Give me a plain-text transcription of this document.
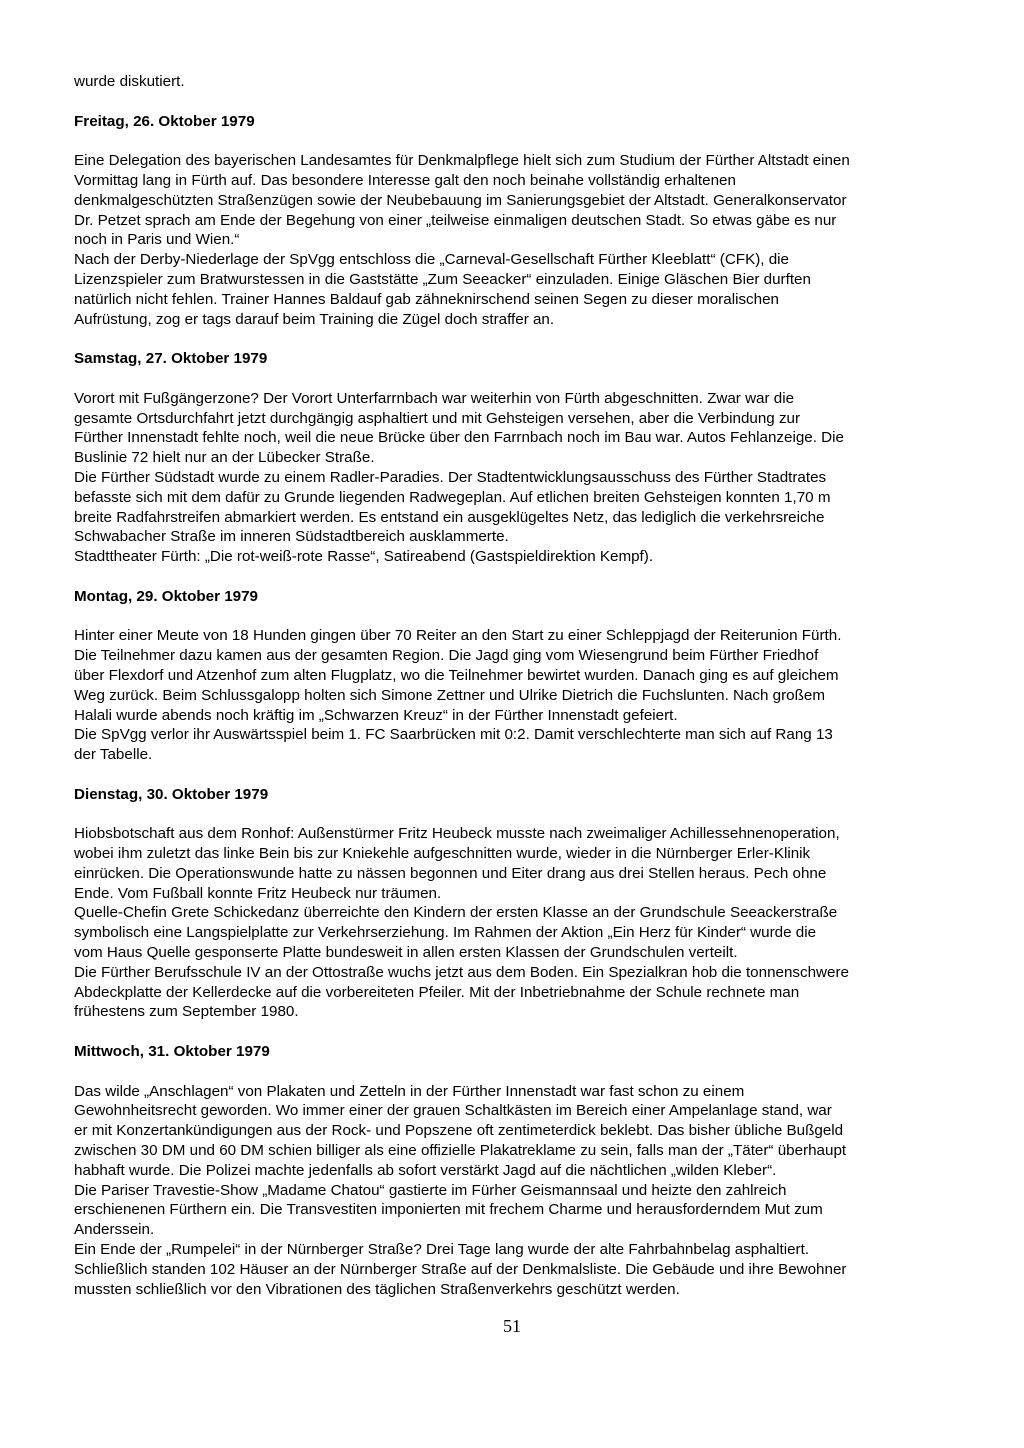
wurde diskutiert.

Freitag, 26. Oktober 1979

Eine Delegation des bayerischen Landesamtes für Denkmalpflege hielt sich zum Studium der Fürther Altstadt einen

Vormittag lang in Fürth auf. Das besondere Interesse galt den noch beinahe vollständig erhaltenen

denkmalgeschützten Straßenzügen sowie der Neubebauung im Sanierungsgebiet der Altstadt. Generalkonservator

Dr. Petzet sprach am Ende der Begehung von einer „teilweise einmaligen deutschen Stadt. So etwas gäbe es nur

noch in Paris und Wien.“

Nach der Derby-Niederlage der SpVgg entschloss die „Carneval-Gesellschaft Fürther Kleeblatt“ (CFK), die

Lizenzspieler zum Bratwurstessen in die Gaststätte „Zum Seeacker“ einzuladen. Einige Gläschen Bier durften

natürlich nicht fehlen. Trainer Hannes Baldauf gab zähneknirschend seinen Segen zu dieser moralischen

Aufrüstung, zog er tags darauf beim Training die Zügel doch straffer an.

Samstag, 27. Oktober 1979

Vorort mit Fußgängerzone? Der Vorort Unterfarrnbach war weiterhin von Fürth abgeschnitten. Zwar war die

gesamte Ortsdurchfahrt jetzt durchgängig asphaltiert und mit Gehsteigen versehen, aber die Verbindung zur

Fürther Innenstadt fehlte noch, weil die neue Brücke über den Farrnbach noch im Bau war. Autos Fehlanzeige. Die

Buslinie 72 hielt nur an der Lübecker Straße.

Die Fürther Südstadt wurde zu einem Radler-Paradies. Der Stadtentwicklungsausschuss des Fürther Stadtrates

befasste sich mit dem dafür zu Grunde liegenden Radwegeplan. Auf etlichen breiten Gehsteigen konnten 1,70 m

breite Radfahrstreifen abmarkiert werden. Es entstand ein ausgeklügeltes Netz, das lediglich die verkehrsreiche

Schwabacher Straße im inneren Südstadtbereich ausklammerte.

Stadttheater Fürth: „Die rot-weiß-rote Rasse“, Satireabend (Gastspieldirektion Kempf).

Montag, 29. Oktober 1979

Hinter einer Meute von 18 Hunden gingen über 70 Reiter an den Start zu einer Schleppjagd der Reiterunion Fürth.

Die Teilnehmer dazu kamen aus der gesamten Region. Die Jagd ging vom Wiesengrund beim Fürther Friedhof

über Flexdorf und Atzenhof zum alten Flugplatz, wo die Teilnehmer bewirtet wurden. Danach ging es auf gleichem

Weg zurück. Beim Schlussgalopp holten sich Simone Zettner und Ulrike Dietrich die Fuchslunten. Nach großem

Halali wurde abends noch kräftig im „Schwarzen Kreuz“ in der Fürther Innenstadt gefeiert.

Die SpVgg verlor ihr Auswärtsspiel beim 1. FC Saarbrücken mit 0:2. Damit verschlechterte man sich auf Rang 13

der Tabelle.

Dienstag, 30. Oktober 1979

Hiobsbotschaft aus dem Ronhof: Außenstürmer Fritz Heubeck musste nach zweimaliger Achillessehnenoperation,

wobei ihm zuletzt das linke Bein bis zur Kniekehle aufgeschnitten wurde, wieder in die Nürnberger Erler-Klinik

einrücken. Die Operationswunde hatte zu nässen begonnen und Eiter drang aus drei Stellen heraus. Pech ohne

Ende. Vom Fußball konnte Fritz Heubeck nur träumen.

Quelle-Chefin Grete Schickedanz überreichte den Kindern der ersten Klasse an der Grundschule Seeackerstraße

symbolisch eine Langspielplatte zur Verkehrserziehung. Im Rahmen der Aktion „Ein Herz für Kinder“ wurde die

vom Haus Quelle gesponserte Platte bundesweit in allen ersten Klassen der Grundschulen verteilt.

Die Fürther Berufsschule IV an der Ottostraße wuchs jetzt aus dem Boden. Ein Spezialkran hob die tonnenschwere

Abdeckplatte der Kellerdecke auf die vorbereiteten Pfeiler. Mit der Inbetriebnahme der Schule rechnete man

frühestens zum September 1980.

Mittwoch, 31. Oktober 1979

Das wilde „Anschlagen“ von Plakaten und Zetteln in der Fürther Innenstadt war fast schon zu einem

Gewohnheitsrecht geworden. Wo immer einer der grauen Schaltkästen im Bereich einer Ampelanlage stand, war

er mit Konzertankündigungen aus der Rock- und Popszene oft zentimeterdick beklebt. Das bisher übliche Bußgeld

zwischen 30 DM und 60 DM schien billiger als eine offizielle Plakatreklame zu sein, falls man der „Täter“ überhaupt

habhaft wurde. Die Polizei machte jedenfalls ab sofort verstärkt Jagd auf die nächtlichen „wilden Kleber“.

Die Pariser Travestie-Show „Madame Chatou“ gastierte im Fürher Geismannsaal und heizte den zahlreich

erschienenen Fürthern ein. Die Transvestiten imponierten mit frechem Charme und herausforderndem Mut zum

Anderssein.

Ein Ende der „Rumpelei“ in der Nürnberger Straße? Drei Tage lang wurde der alte Fahrbahnbelag asphaltiert.

Schließlich standen 102 Häuser an der Nürnberger Straße auf der Denkmalsliste. Die Gebäude und ihre Bewohner

mussten schließlich vor den Vibrationen des täglichen Straßenverkehrs geschützt werden.

51
